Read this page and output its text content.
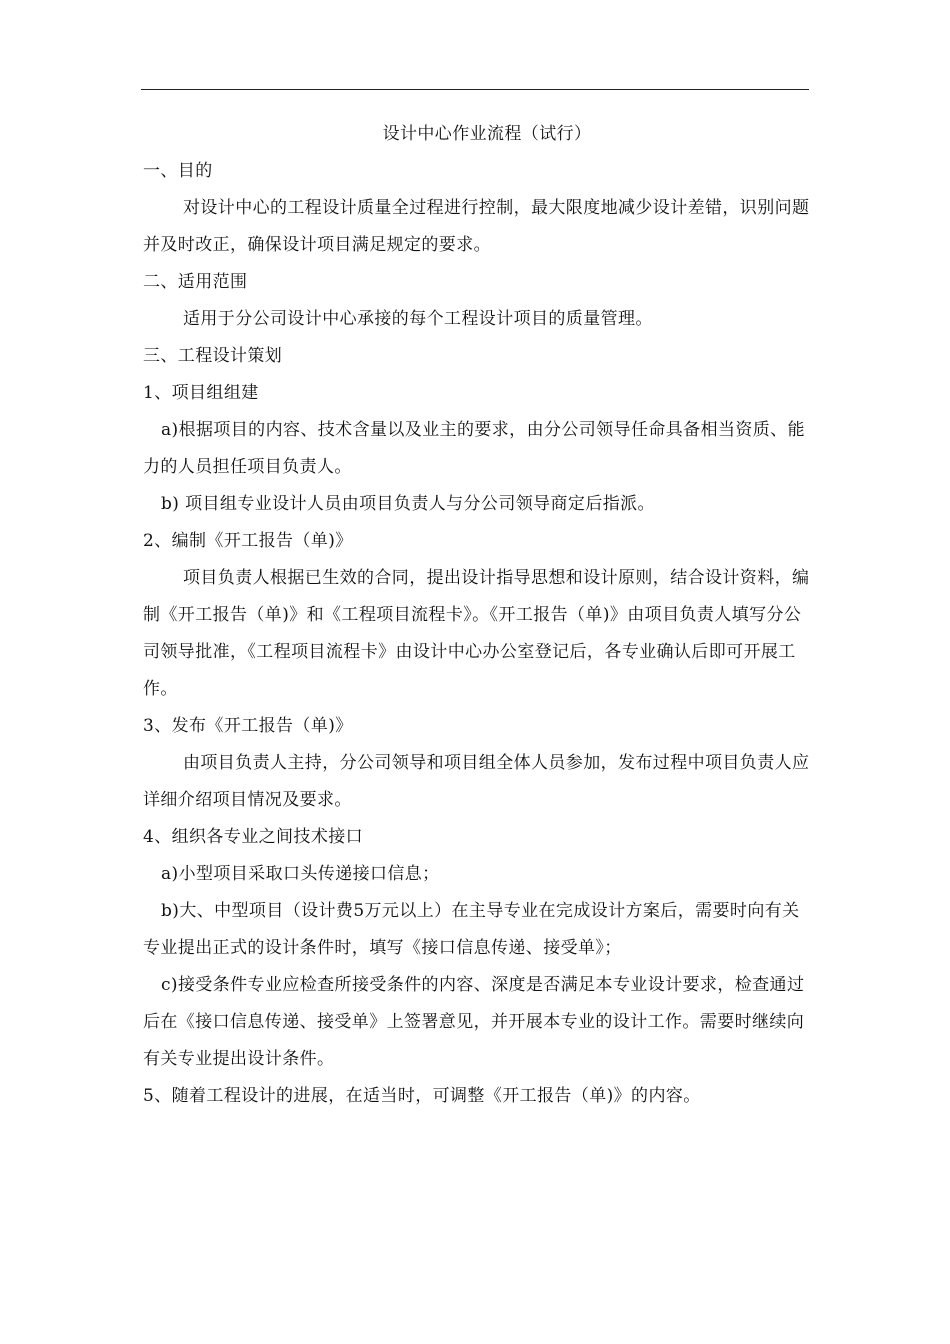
设计中心作业流程（试行）

一、目的

对设计中心的工程设计质量全过程进行控制，最大限度地减少设计差错，识别问题并及时改正，确保设计项目满足规定的要求。

二、适用范围

适用于分公司设计中心承接的每个工程设计项目的质量管理。

三、工程设计策划

1、项目组组建

a)根据项目的内容、技术含量以及业主的要求，由分公司领导任命具备相当资质、能力的人员担任项目负责人。

b) 项目组专业设计人员由项目负责人与分公司领导商定后指派。

2、编制《开工报告（单)》

项目负责人根据已生效的合同，提出设计指导思想和设计原则，结合设计资料，编制《开工报告（单)》和《工程项目流程卡》。《开工报告（单)》由项目负责人填写分公司领导批准，《工程项目流程卡》由设计中心办公室登记后，各专业确认后即可开展工作。

3、发布《开工报告（单)》

由项目负责人主持，分公司领导和项目组全体人员参加，发布过程中项目负责人应详细介绍项目情况及要求。

4、组织各专业之间技术接口

a)小型项目采取口头传递接口信息；

b)大、中型项目（设计费5万元以上）在主导专业在完成设计方案后，需要时向有关专业提出正式的设计条件时，填写《接口信息传递、接受单》；

c)接受条件专业应检查所接受条件的内容、深度是否满足本专业设计要求，检查通过后在《接口信息传递、接受单》上签署意见，并开展本专业的设计工作。需要时继续向有关专业提出设计条件。

5、随着工程设计的进展，在适当时，可调整《开工报告（单)》的内容。
